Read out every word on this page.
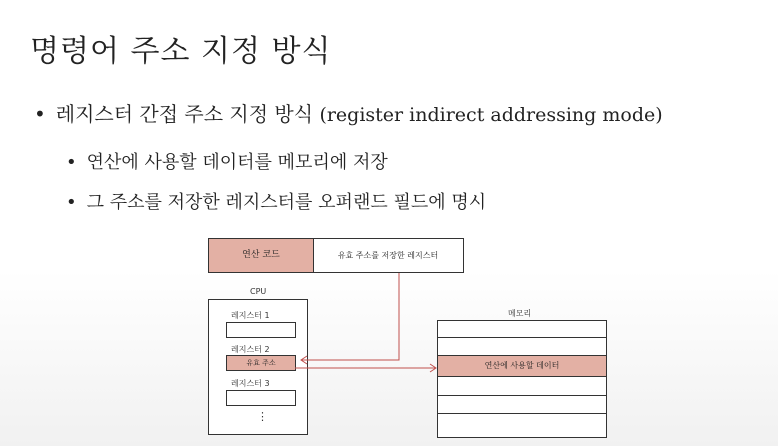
명령어 주소 지정 방식
• 레지스터 간접 주소 지정 방식 (register indirect addressing mode)
• 연산에 사용할 데이터를 메모리에 저장
• 그 주소를 저장한 레지스터를 오퍼랜드 필드에 명시
연산 코드	유효 주소를 저장한 레지스터
CPU
레지스터 1
레지스터 2
유효 주소
레지스터 3
⋮
메모리
연산에 사용할 데이터
